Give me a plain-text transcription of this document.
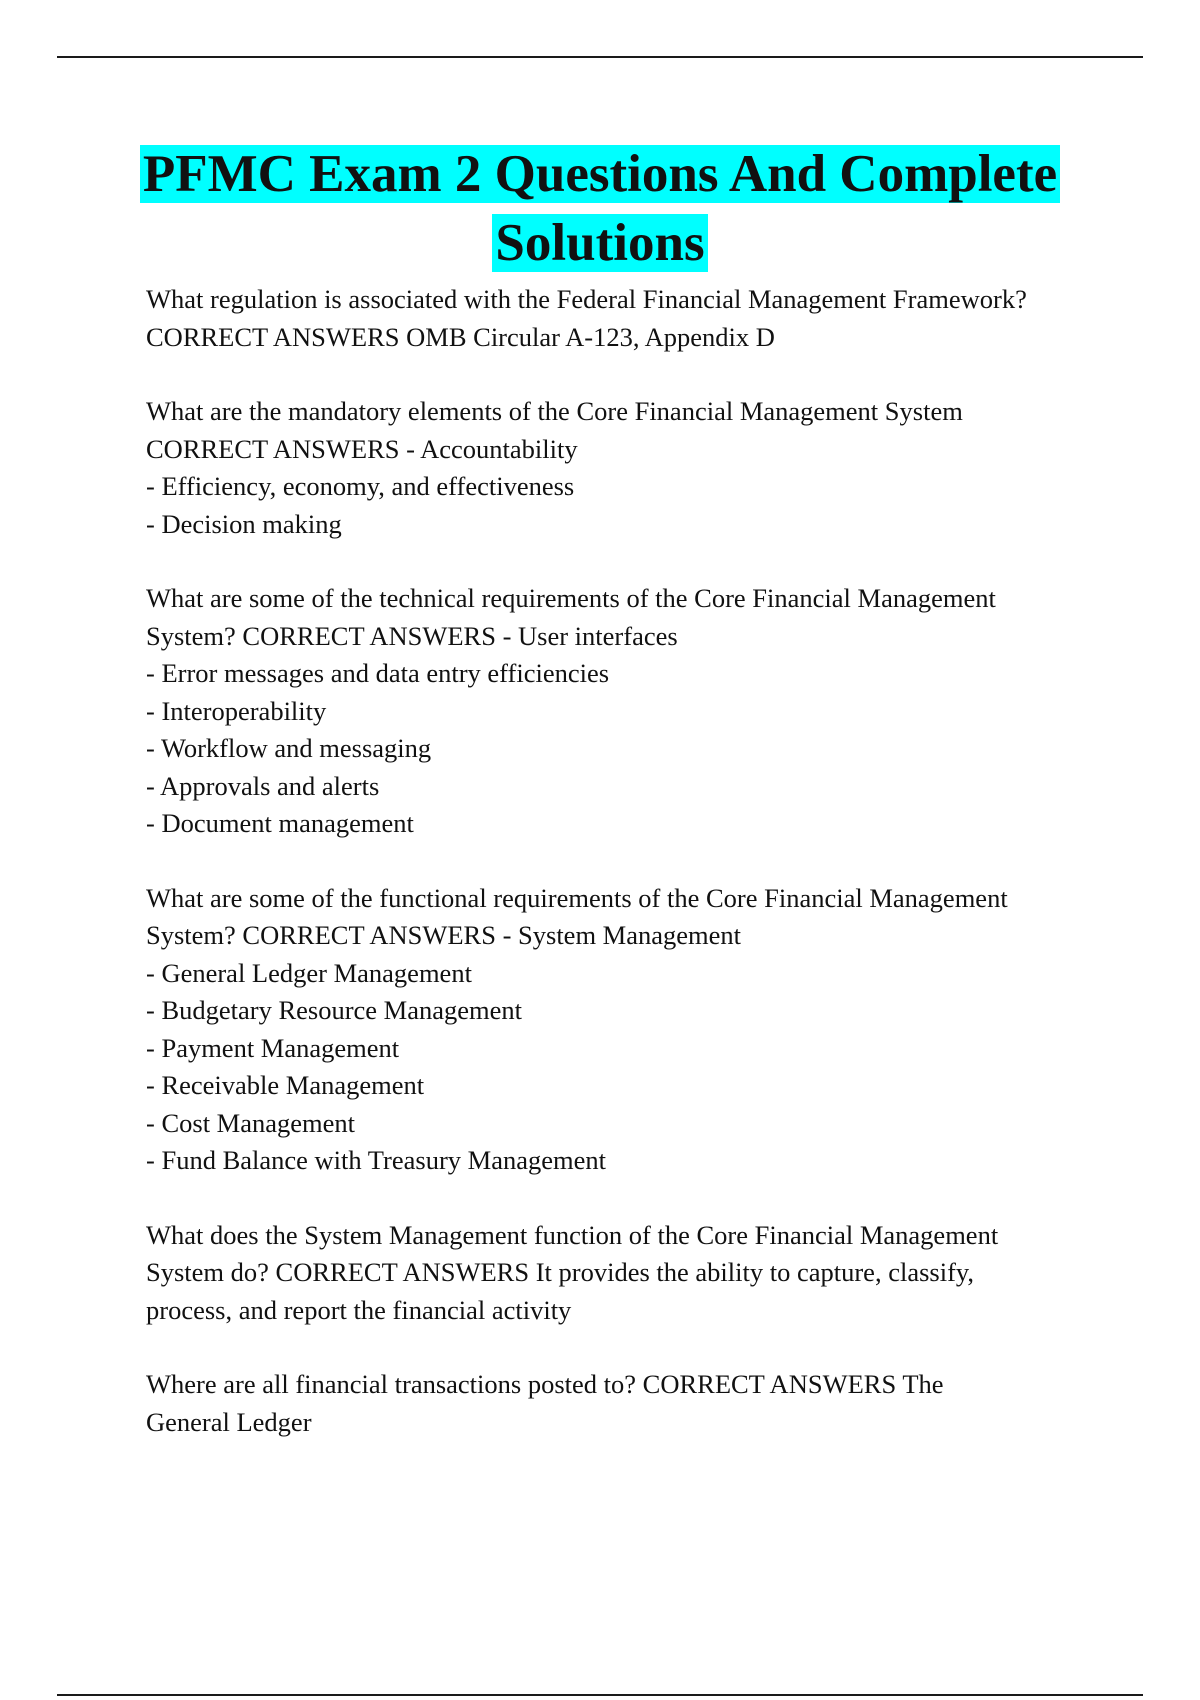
PFMC Exam 2 Questions And Complete
Solutions

What regulation is associated with the Federal Financial Management Framework?
CORRECT ANSWERS OMB Circular A-123, Appendix D

What are the mandatory elements of the Core Financial Management System
CORRECT ANSWERS - Accountability
- Efficiency, economy, and effectiveness
- Decision making

What are some of the technical requirements of the Core Financial Management
System? CORRECT ANSWERS - User interfaces
- Error messages and data entry efficiencies
- Interoperability
- Workflow and messaging
- Approvals and alerts
- Document management

What are some of the functional requirements of the Core Financial Management
System? CORRECT ANSWERS - System Management
- General Ledger Management
- Budgetary Resource Management
- Payment Management
- Receivable Management
- Cost Management
- Fund Balance with Treasury Management

What does the System Management function of the Core Financial Management
System do? CORRECT ANSWERS It provides the ability to capture, classify,
process, and report the financial activity

Where are all financial transactions posted to? CORRECT ANSWERS The
General Ledger
